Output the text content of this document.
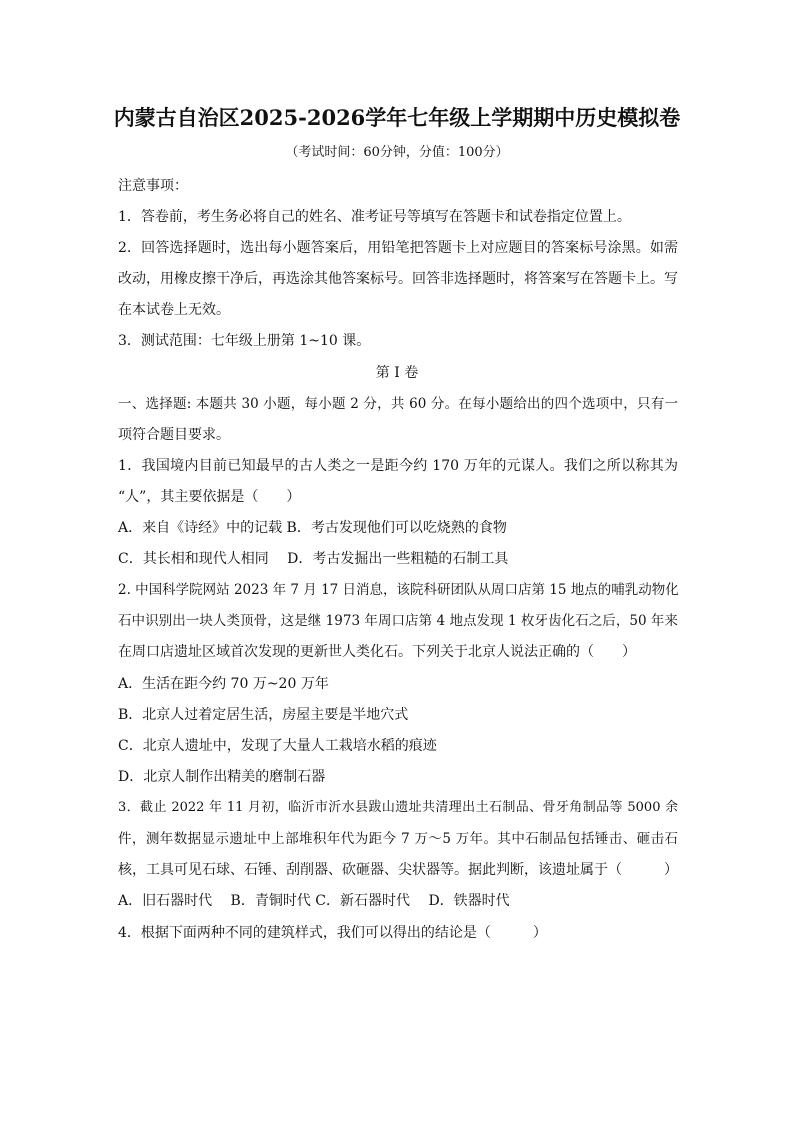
内蒙古自治区2025-2026学年七年级上学期期中历史模拟卷
（考试时间：60分钟，分值：100分）
注意事项：
1．答卷前，考生务必将自己的姓名、准考证号等填写在答题卡和试卷指定位置上。
2．回答选择题时，选出每小题答案后，用铅笔把答题卡上对应题目的答案标号涂黑。如需
改动，用橡皮擦干净后，再选涂其他答案标号。回答非选择题时，将答案写在答题卡上。写
在本试卷上无效。
3．测试范围：七年级上册第 1~10 课。
第 I 卷
一、选择题: 本题共 30 小题，每小题 2 分，共 60 分。在每小题给出的四个选项中，只有一
项符合题目要求。
1．我国境内目前已知最早的古人类之一是距今约 170 万年的元谋人。我们之所以称其为
“人”，其主要依据是（　　）
A．来自《诗经》中的记载 B．考古发现他们可以吃烧熟的食物
C．其长相和现代人相同　 D．考古发掘出一些粗糙的石制工具
2. 中国科学院网站 2023 年 7 月 17 日消息，该院科研团队从周口店第 15 地点的哺乳动物化
石中识别出一块人类顶骨，这是继 1973 年周口店第 4 地点发现 1 枚牙齿化石之后，50 年来
在周口店遗址区域首次发现的更新世人类化石。下列关于北京人说法正确的（　　）
A．生活在距今约 70 万~20 万年
B．北京人过着定居生活，房屋主要是半地穴式
C．北京人遗址中，发现了大量人工栽培水稻的痕迹
D．北京人制作出精美的磨制石器
3．截止 2022 年 11 月初，临沂市沂水县跋山遗址共清理出土石制品、骨牙角制品等 5000 余
件，测年数据显示遗址中上部堆积年代为距今 7 万～5 万年。其中石制品包括锤击、砸击石
核，工具可见石球、石锤、刮削器、砍砸器、尖状器等。据此判断，该遗址属于（　　　）
A．旧石器时代　 B．青铜时代 C．新石器时代　 D．铁器时代
4．根据下面两种不同的建筑样式，我们可以得出的结论是（　　　）
